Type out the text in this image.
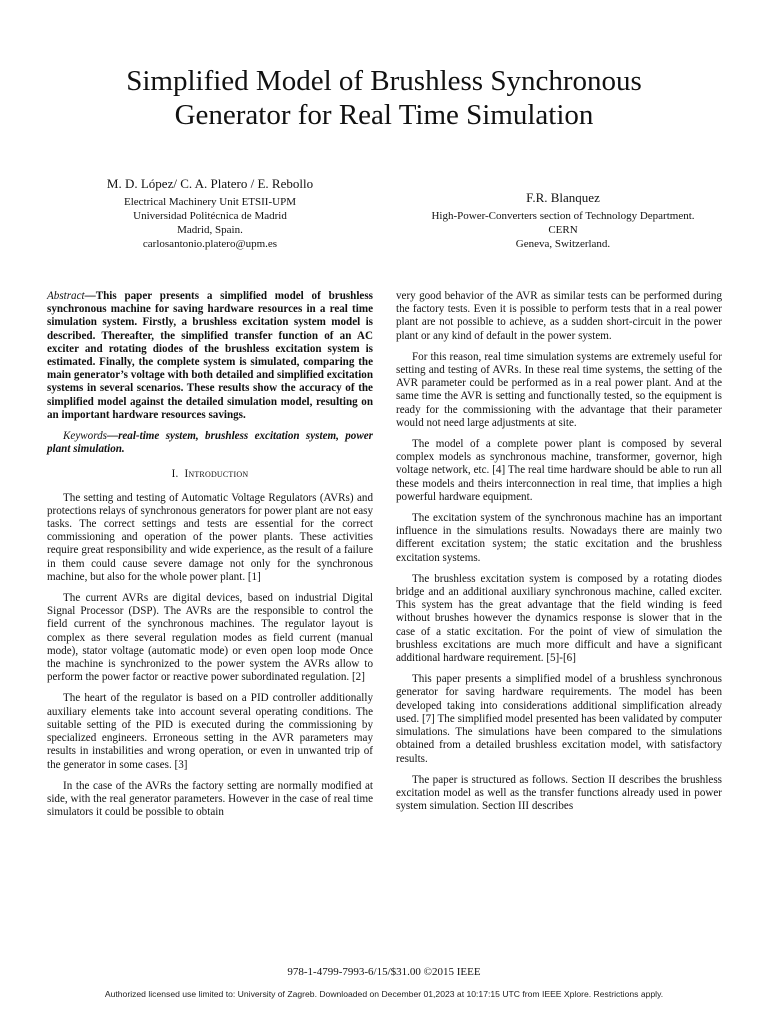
Simplified Model of Brushless Synchronous
Generator for Real Time Simulation
M. D. López/ C. A. Platero / E. Rebollo
Electrical Machinery Unit ETSII-UPM
Universidad Politécnica de Madrid
Madrid, Spain.
carlosantonio.platero@upm.es
F.R. Blanquez
High-Power-Converters section of Technology Department.
CERN
Geneva, Switzerland.

Abstract—This paper presents a simplified model of brushless synchronous machine for saving hardware resources in a real time simulation system. Firstly, a brushless excitation system model is described. Thereafter, the simplified transfer function of an AC exciter and rotating diodes of the brushless excitation system is estimated. Finally, the complete system is simulated, comparing the main generator’s voltage with both detailed and simplified excitation systems in several scenarios. These results show the accuracy of the simplified model against the detailed simulation model, resulting on an important hardware resources savings.

Keywords—real-time system, brushless excitation system, power plant simulation.

I. Introduction

The setting and testing of Automatic Voltage Regulators (AVRs) and protections relays of synchronous generators for power plant are not easy tasks. The correct settings and tests are essential for the correct commissioning and operation of the power plants. These activities require great responsibility and wide experience, as the result of a failure in them could cause severe damage not only for the synchronous machine, but also for the whole power plant. [1]

The current AVRs are digital devices, based on industrial Digital Signal Processor (DSP). The AVRs are the responsible to control the field current of the synchronous machines. The regulator layout is complex as there several regulation modes as field current (manual mode), stator voltage (automatic mode) or even open loop mode Once the machine is synchronized to the power system the AVRs allow to perform the power factor or reactive power subordinated regulation. [2]

The heart of the regulator is based on a PID controller additionally auxiliary elements take into account several operating conditions. The suitable setting of the PID is executed during the commissioning by specialized engineers. Erroneous setting in the AVR parameters may results in instabilities and wrong operation, or even in unwanted trip of the generator in some cases. [3]

In the case of the AVRs the factory setting are normally modified at side, with the real generator parameters. However in the case of real time simulators it could be possible to obtain

very good behavior of the AVR as similar tests can be performed during the factory tests. Even it is possible to perform tests that in a real power plant are not possible to achieve, as a sudden short-circuit in the power plant or any kind of default in the power system.

For this reason, real time simulation systems are extremely useful for setting and testing of AVRs. In these real time systems, the setting of the AVR parameter could be performed as in a real power plant. And at the same time the AVR is setting and functionally tested, so the equipment is ready for the commissioning with the advantage that their parameter would not need large adjustments at site.

The model of a complete power plant is composed by several complex models as synchronous machine, transformer, governor, high voltage network, etc. [4] The real time hardware should be able to run all these models and theirs interconnection in real time, that implies a high powerful hardware equipment.

The excitation system of the synchronous machine has an important influence in the simulations results. Nowadays there are mainly two different excitation system; the static excitation and the brushless excitation systems.

The brushless excitation system is composed by a rotating diodes bridge and an additional auxiliary synchronous machine, called exciter. This system has the great advantage that the field winding is feed without brushes however the dynamics response is slower that in the case of a static excitation. For the point of view of simulation the brushless excitations are much more difficult and have a significant additional hardware requirement. [5]-[6]

This paper presents a simplified model of a brushless synchronous generator for saving hardware requirements. The model has been developed taking into considerations additional simplification already used. [7] The simplified model presented has been validated by computer simulations. The simulations have been compared to the simulations obtained from a detailed brushless excitation model, with satisfactory results.

The paper is structured as follows. Section II describes the brushless excitation model as well as the transfer functions already used in power system simulation. Section III describes

978-1-4799-7993-6/15/$31.00 ©2015 IEEE
Authorized licensed use limited to: University of Zagreb. Downloaded on December 01,2023 at 10:17:15 UTC from IEEE Xplore. Restrictions apply.
